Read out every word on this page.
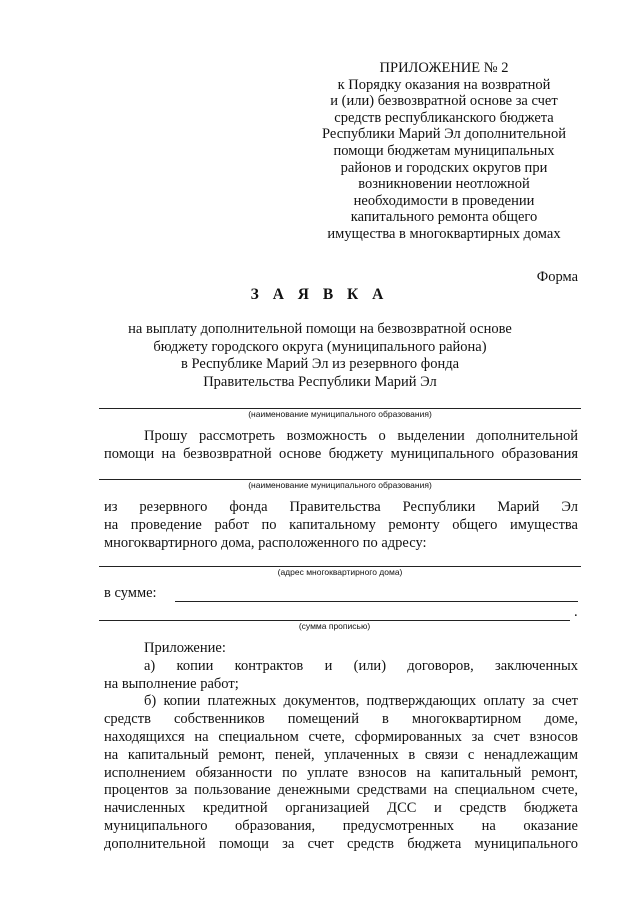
ПРИЛОЖЕНИЕ № 2
к Порядку оказания на возвратной
и (или) безвозвратной основе за счет
средств республиканского бюджета
Республики Марий Эл дополнительной
помощи бюджетам муниципальных
районов и городских округов при
возникновении неотложной
необходимости в проведении
капитального ремонта общего
имущества в многоквартирных домах
Форма
З А Я В К А
на выплату дополнительной помощи на безвозвратной основе
бюджету городского округа (муниципального района)
в Республике Марий Эл из резервного фонда
Правительства Республики Марий Эл
(наименование муниципального образования)
Прошу рассмотреть возможность о выделении дополнительной
помощи на безвозвратной основе бюджету муниципального образования
(наименование муниципального образования)
из резервного фонда Правительства Республики Марий Эл
на проведение работ по капитальному ремонту общего имущества
многоквартирного дома, расположенного по адресу:
(адрес многоквартирного дома)
в сумме:
.
(сумма прописью)
Приложение:
а) копии контрактов и (или) договоров, заключенных
на выполнение работ;
б) копии платежных документов, подтверждающих оплату за счет
средств собственников помещений в многоквартирном доме,
находящихся на специальном счете, сформированных за счет взносов
на капитальный ремонт, пеней, уплаченных в связи с ненадлежащим
исполнением обязанности по уплате взносов на капитальный ремонт,
процентов за пользование денежными средствами на специальном счете,
начисленных кредитной организацией ДСС и средств бюджета
муниципального образования, предусмотренных на оказание
дополнительной помощи за счет средств бюджета муниципального
